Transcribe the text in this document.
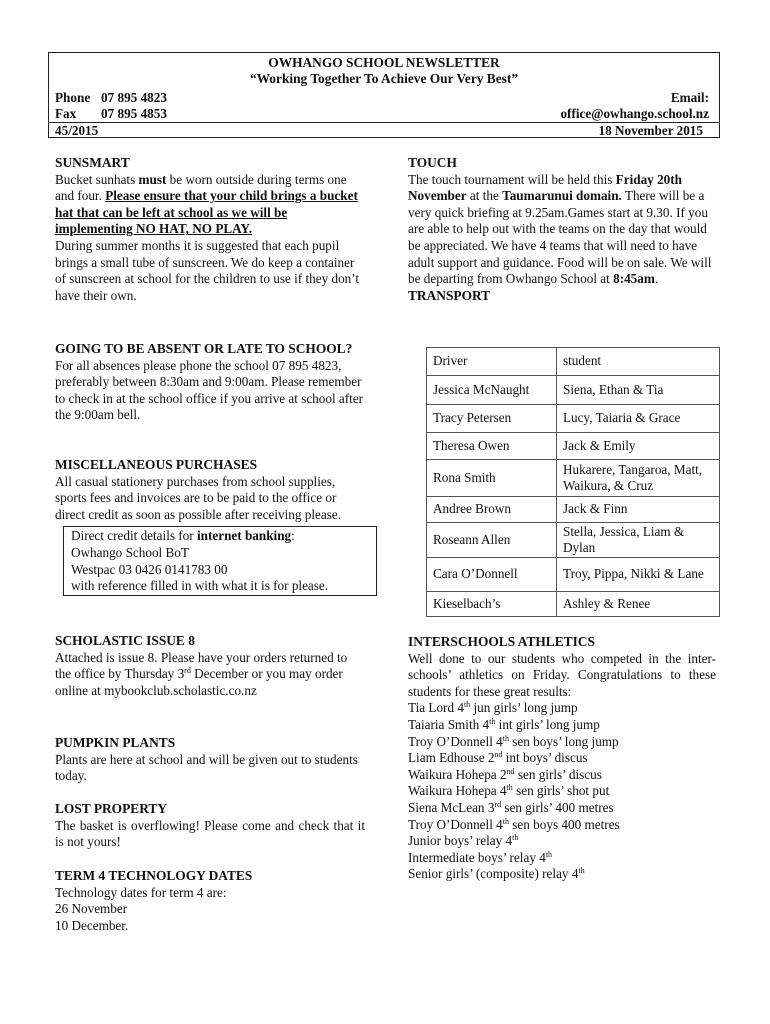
OWHANGO SCHOOL NEWSLETTER
“Working Together To Achieve Our Very Best”
Phone 07 895 4823
Fax 07 895 4853
Email:
office@owhango.school.nz
45/2015	18 November 2015
SUNSMART

Bucket sunhats must be worn outside during terms one and four. Please ensure that your child brings a bucket hat that can be left at school as we will be implementing NO HAT, NO PLAY.

During summer months it is suggested that each pupil brings a small tube of sunscreen. We do keep a container of sunscreen at school for the children to use if they don’t have their own.

GOING TO BE ABSENT OR LATE TO SCHOOL?

For all absences please phone the school 07 895 4823, preferably between 8:30am and 9:00am. Please remember to check in at the school office if you arrive at school after the 9:00am bell.

MISCELLANEOUS PURCHASES

All casual stationery purchases from school supplies, sports fees and invoices are to be paid to the office or direct credit as soon as possible after receiving please.

Direct credit details for internet banking:
Owhango School BoT
Westpac 03 0426 0141783 00
with reference filled in with what it is for please.
SCHOLASTIC ISSUE 8

Attached is issue 8. Please have your orders returned to the office by Thursday 3rd December or you may order online at mybookclub.scholastic.co.nz

PUMPKIN PLANTS

Plants are here at school and will be given out to students today.

LOST PROPERTY

The basket is overflowing! Please come and check that it is not yours!

TERM 4 TECHNOLOGY DATES

Technology dates for term 4 are:

26 November

10 December.

TOUCH

The touch tournament will be held this Friday 20th November at the Taumarunui domain. There will be a very quick briefing at 9.25am.Games start at 9.30. If you are able to help out with the teams on the day that would be appreciated. We have 4 teams that will need to have adult support and guidance. Food will be on sale. We will be departing from Owhango School at 8:45am.

TRANSPORT
Driver	student
Jessica McNaught	Siena, Ethan & Tia
Tracy Petersen	Lucy, Taiaria & Grace
Theresa Owen	Jack & Emily
Rona Smith	Hukarere, Tangaroa, Matt, Waikura, & Cruz
Andree Brown	Jack & Finn
Roseann Allen	Stella, Jessica, Liam & Dylan
Cara O’Donnell	Troy, Pippa, Nikki & Lane
Kieselbach’s	Ashley & Renee
INTERSCHOOLS ATHLETICS

Well done to our students who competed in the inter-schools’ athletics on Friday. Congratulations to these students for these great results:

Tia Lord 4th jun girls’ long jump
Taiaria Smith 4th int girls’ long jump
Troy O’Donnell 4th sen boys’ long jump
Liam Edhouse 2nd int boys’ discus
Waikura Hohepa 2nd sen girls’ discus
Waikura Hohepa 4th sen girls’ shot put
Siena McLean 3rd sen girls’ 400 metres
Troy O’Donnell 4th sen boys 400 metres
Junior boys’ relay 4th
Intermediate boys’ relay 4th
Senior girls’ (composite) relay 4th
